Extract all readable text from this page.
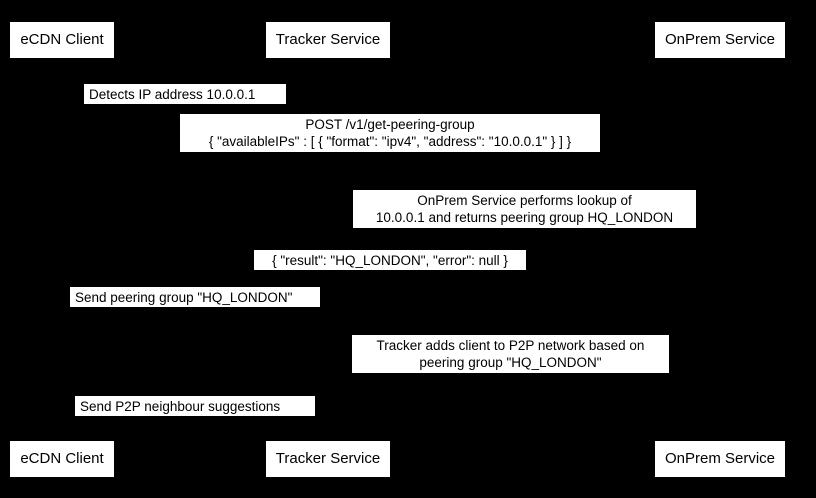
eCDN Client	Tracker Service	OnPrem Service
eCDN Client	Tracker Service	OnPrem Service
Detects IP address 10.0.0.1
POST /v1/get-peering-group
{ "availableIPs" : [ { "format": "ipv4", "address": "10.0.0.1" } ] }
OnPrem Service performs lookup of
10.0.0.1 and returns peering group HQ_LONDON
{ "result": "HQ_LONDON", "error": null }
Send peering group "HQ_LONDON"
Tracker adds client to P2P network based on
peering group "HQ_LONDON"
Send P2P neighbour suggestions
